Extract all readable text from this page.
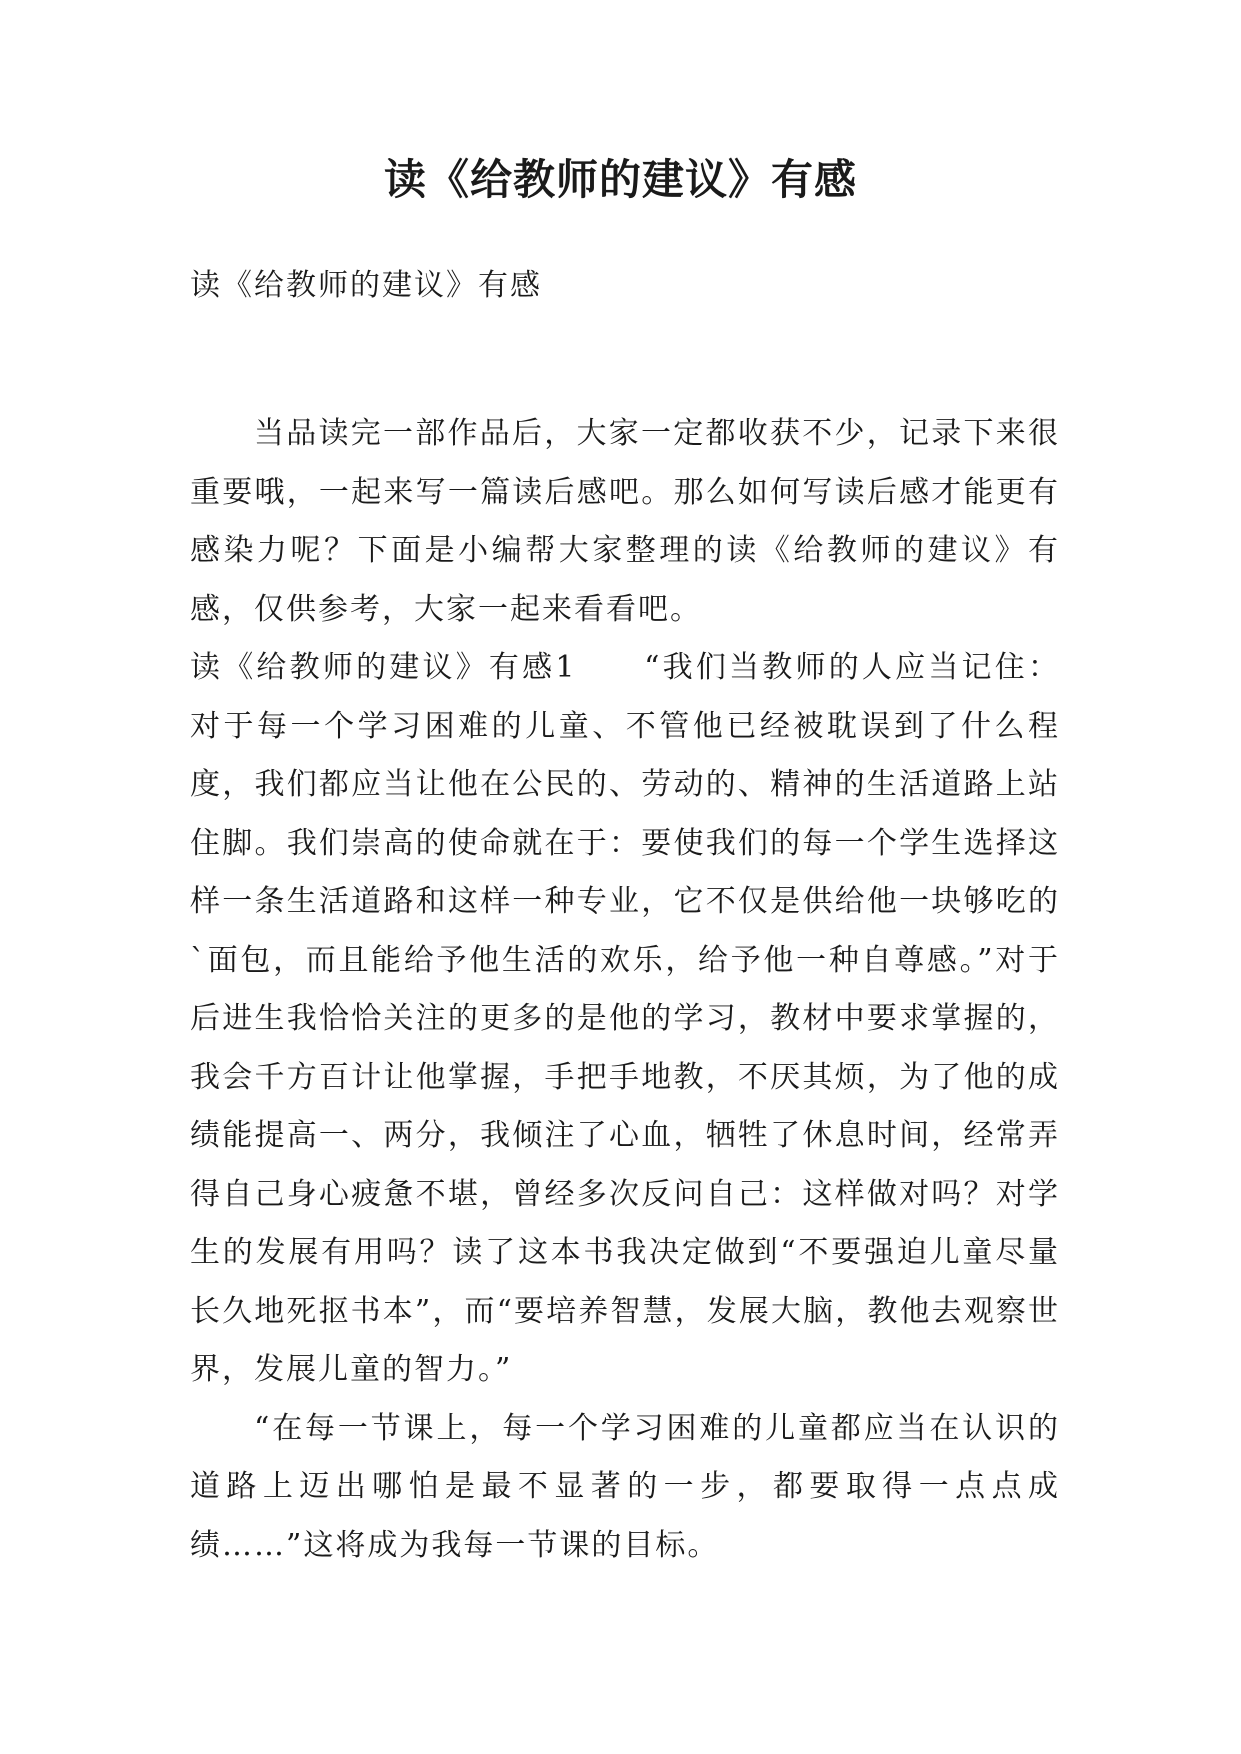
读《给教师的建议》有感

读《给教师的建议》有感

当品读完一部作品后，大家一定都收获不少，记录下来很重要哦，一起来写一篇读后感吧。那么如何写读后感才能更有感染力呢？下面是小编帮大家整理的读《给教师的建议》有感，仅供参考，大家一起来看看吧。

读《给教师的建议》有感1　　“我们当教师的人应当记住：对于每一个学习困难的儿童、不管他已经被耽误到了什么程度，我们都应当让他在公民的、劳动的、精神的生活道路上站住脚。我们崇高的使命就在于：要使我们的每一个学生选择这样一条生活道路和这样一种专业，它不仅是供给他一块够吃的`面包，而且能给予他生活的欢乐，给予他一种自尊感。”对于后进生我恰恰关注的更多的是他的学习，教材中要求掌握的，我会千方百计让他掌握，手把手地教，不厌其烦，为了他的成绩能提高一、两分，我倾注了心血，牺牲了休息时间，经常弄得自己身心疲惫不堪，曾经多次反问自己：这样做对吗？对学生的发展有用吗？读了这本书我决定做到“不要强迫儿童尽量长久地死抠书本”，而“要培养智慧，发展大脑，教他去观察世界，发展儿童的智力。”

“在每一节课上，每一个学习困难的儿童都应当在认识的道路上迈出哪怕是最不显著的一步，都要取得一点点成绩……”这将成为我每一节课的目标。
